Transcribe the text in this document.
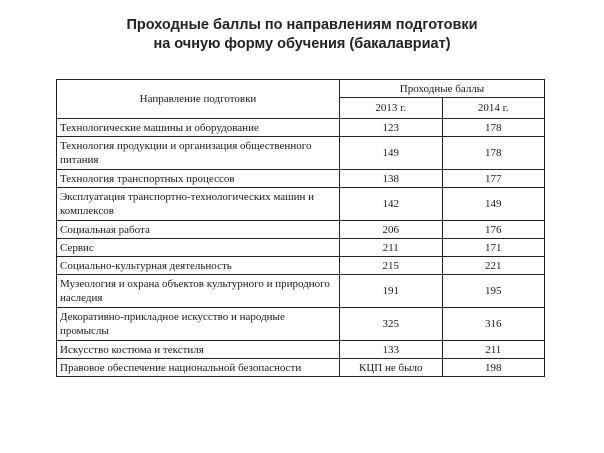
Проходные баллы по направлениям подготовки
на очную форму обучения (бакалавриат)
Направление подготовки	Проходные баллы	
	2013 г.	2014 г.
Технологические машины и оборудование	123	178
Технология продукции и организация общественного питания	149	178
Технология транспортных процессов	138	177
Эксплуатация транспортно-технологических машин и комплексов	142	149
Социальная работа	206	176
Сервис	211	171
Социально-культурная деятельность	215	221
Музеология и охрана объектов культурного и природного наследия	191	195
Декоративно-прикладное искусство и народные промыслы	325	316
Искусство костюма и текстиля	133	211
Правовое обеспечение национальной безопасности	КЦП не было	198
